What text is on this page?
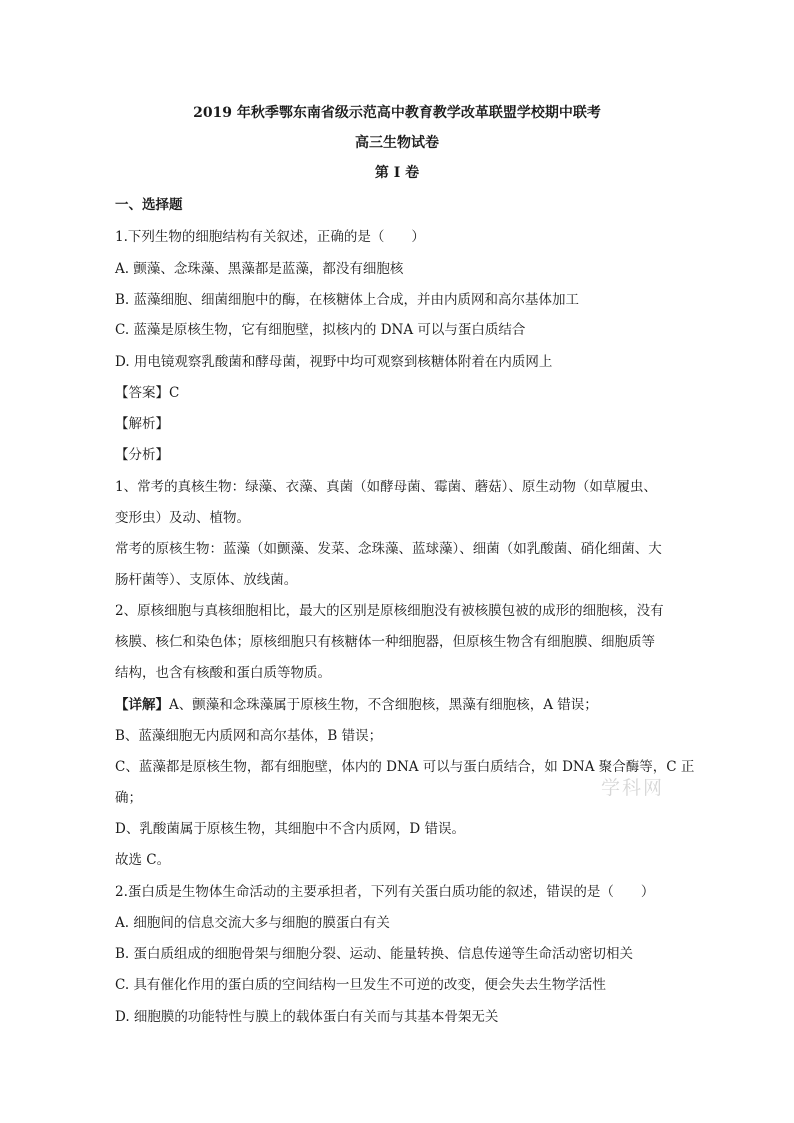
2019 年秋季鄂东南省级示范高中教育教学改革联盟学校期中联考
高三生物试卷
第 I 卷
一、选择题
1.下列生物的细胞结构有关叙述，正确的是（　　）
A. 颤藻、念珠藻、黑藻都是蓝藻，都没有细胞核
B. 蓝藻细胞、细菌细胞中的酶，在核糖体上合成，并由内质网和高尔基体加工
C. 蓝藻是原核生物，它有细胞壁，拟核内的 DNA 可以与蛋白质结合
D. 用电镜观察乳酸菌和酵母菌，视野中均可观察到核糖体附着在内质网上
【答案】C
【解析】
【分析】
1、常考的真核生物：绿藻、衣藻、真菌（如酵母菌、霉菌、蘑菇）、原生动物（如草履虫、
变形虫）及动、植物。
常考的原核生物：蓝藻（如颤藻、发菜、念珠藻、蓝球藻）、细菌（如乳酸菌、硝化细菌、大
肠杆菌等）、支原体、放线菌。
2、原核细胞与真核细胞相比，最大的区别是原核细胞没有被核膜包被的成形的细胞核，没有
核膜、核仁和染色体；原核细胞只有核糖体一种细胞器，但原核生物含有细胞膜、细胞质等
结构，也含有核酸和蛋白质等物质。
【详解】A、颤藻和念珠藻属于原核生物，不含细胞核，黑藻有细胞核，A 错误；
B、蓝藻细胞无内质网和高尔基体，B 错误；
C、蓝藻都是原核生物，都有细胞壁，体内的 DNA 可以与蛋白质结合，如 DNA 聚合酶等，C 正
确；
D、乳酸菌属于原核生物，其细胞中不含内质网，D 错误。
故选 C。
2.蛋白质是生物体生命活动的主要承担者，下列有关蛋白质功能的叙述，错误的是（　　）
A. 细胞间的信息交流大多与细胞的膜蛋白有关
B. 蛋白质组成的细胞骨架与细胞分裂、运动、能量转换、信息传递等生命活动密切相关
C. 具有催化作用的蛋白质的空间结构一旦发生不可逆的改变，便会失去生物学活性
D. 细胞膜的功能特性与膜上的载体蛋白有关而与其基本骨架无关
学科网
